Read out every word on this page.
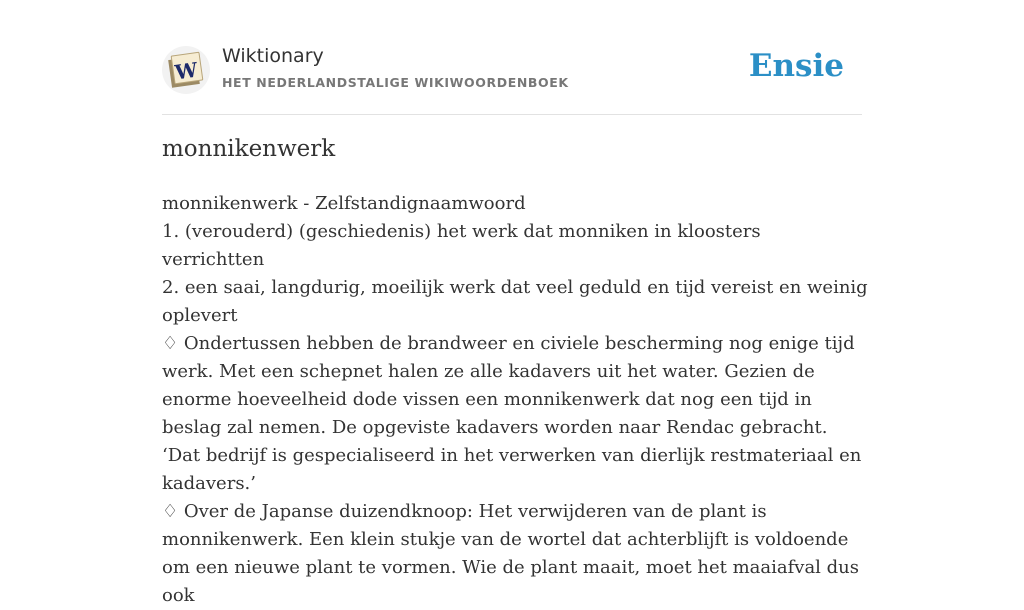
W
Wiktionary
HET NEDERLANDSTALIGE WIKIWOORDENBOEK	Ensie
monnikenwerk
monnikenwerk - Zelfstandignaamwoord
1. (verouderd) (geschiedenis) het werk dat monniken in kloosters verrichtten
2. een saai, langdurig, moeilijk werk dat veel geduld en tijd vereist en weinig oplevert
♢ Ondertussen hebben de brandweer en civiele bescherming nog enige tijd werk. Met een schepnet halen ze alle kadavers uit het water. Gezien de enorme hoeveelheid dode vissen een monnikenwerk dat nog een tijd in beslag zal nemen. De opgeviste kadavers worden naar Rendac gebracht. ‘Dat bedrijf is gespecialiseerd in het verwerken van dierlijk restmateriaal en kadavers.’
♢ Over de Japanse duizendknoop: Het verwijderen van de plant is monnikenwerk. Een klein stukje van de wortel dat achterblijft is voldoende om een nieuwe plant te vormen. Wie de plant maait, moet het maaiafval dus ook
